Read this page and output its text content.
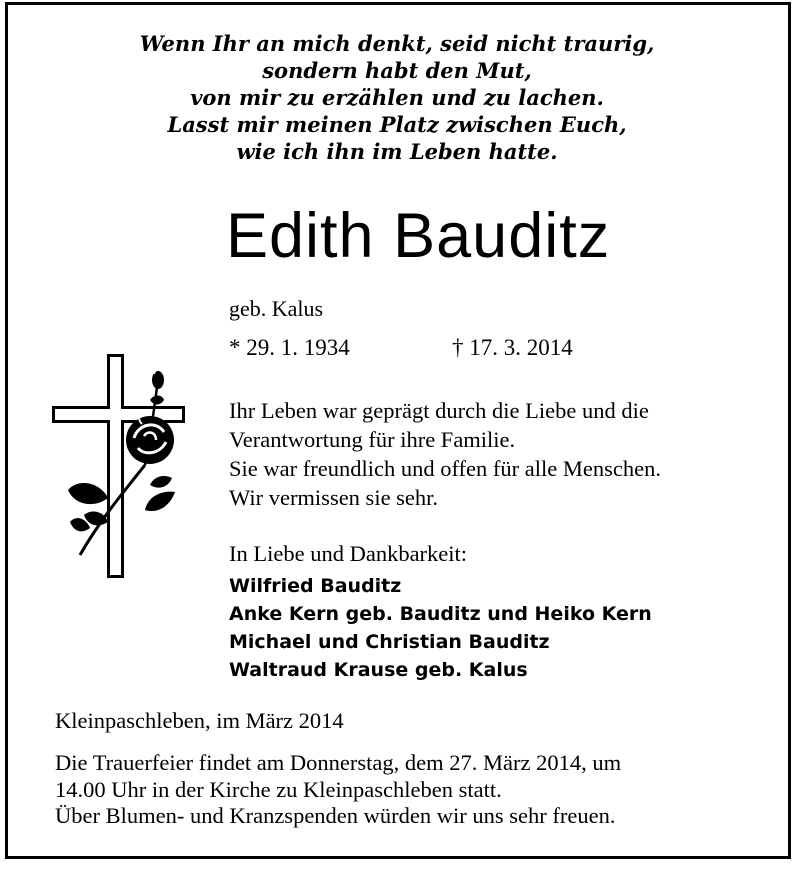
Wenn Ihr an mich denkt, seid nicht traurig,
sondern habt den Mut,
von mir zu erzählen und zu lachen.
Lasst mir meinen Platz zwischen Euch,
wie ich ihn im Leben hatte.
Edith Bauditz
geb. Kalus
* 29. 1. 1934	† 17. 3. 2014
Ihr Leben war geprägt durch die Liebe und die
Verantwortung für ihre Familie.
Sie war freundlich und offen für alle Menschen.
Wir vermissen sie sehr.
In Liebe und Dankbarkeit:
Wilfried Bauditz
Anke Kern geb. Bauditz und Heiko Kern
Michael und Christian Bauditz
Waltraud Krause geb. Kalus
Kleinpaschleben, im März 2014
Die Trauerfeier findet am Donnerstag, dem 27. März 2014, um
14.00 Uhr in der Kirche zu Kleinpaschleben statt.
Über Blumen- und Kranzspenden würden wir uns sehr freuen.
